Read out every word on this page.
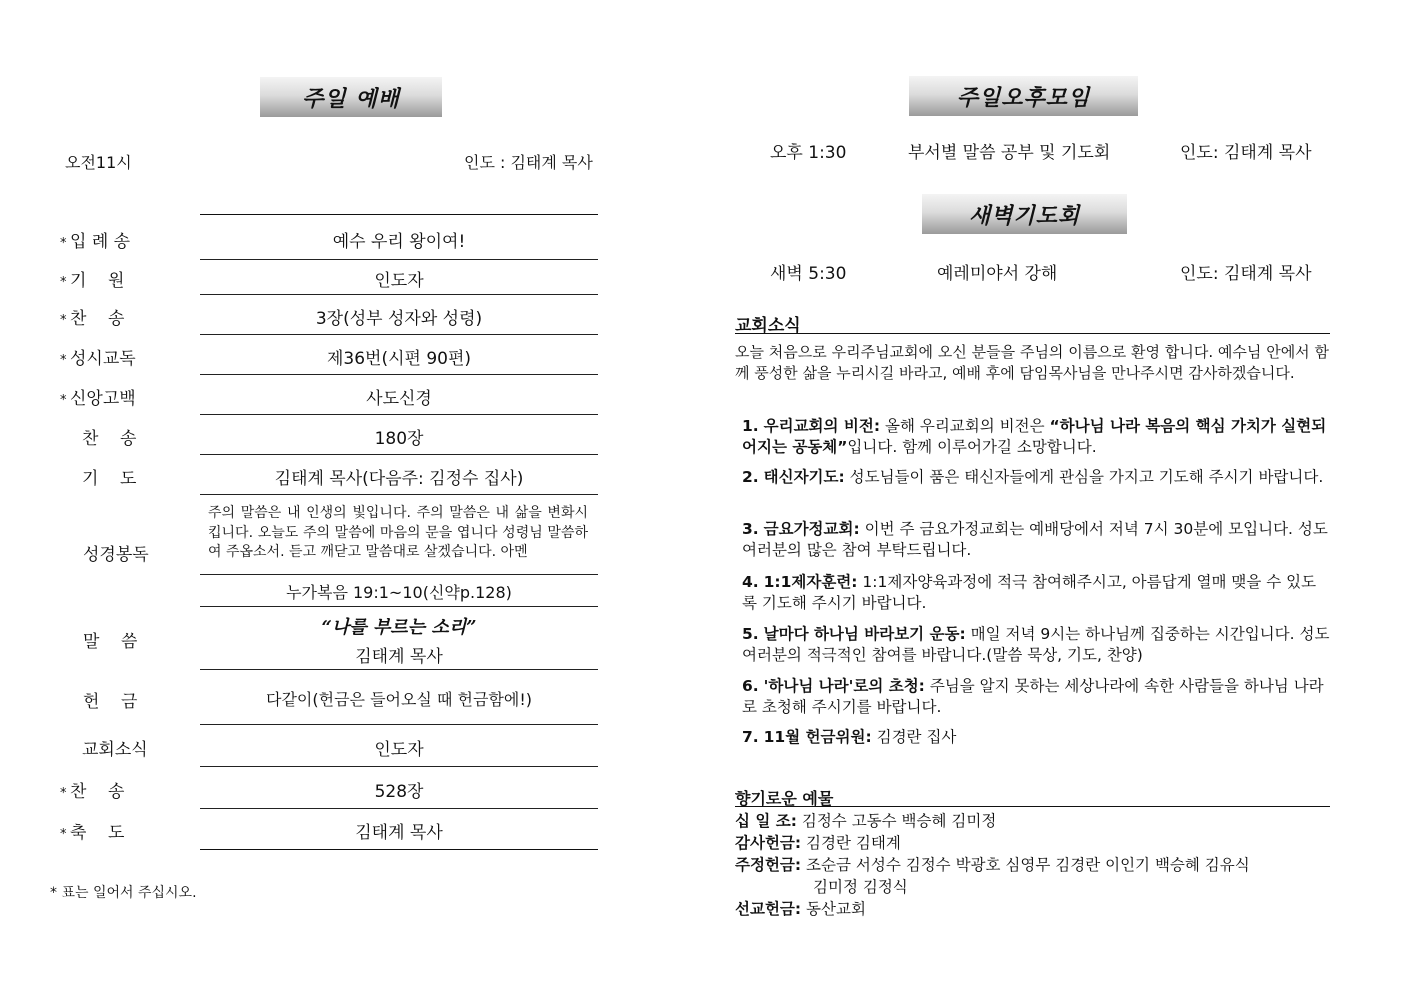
주일 예배
오전11시	인도 : 김태계 목사
* 입 례 송	예수 우리 왕이여!
* 기    원	인도자
* 찬    송	3장(성부 성자와 성령)
* 성시교독	제36번(시편 90편)
* 신앙고백	사도신경
찬    송	180장
기    도	김태계 목사(다음주: 김정수 집사)
성경봉독
주의 말씀은 내 인생의 빛입니다. 주의 말씀은 내 삶을 변화시킵니다. 오늘도 주의 말씀에 마음의 문을 엽니다 성령님 말씀하여 주옵소서. 듣고 깨닫고 말씀대로 살겠습니다. 아멘
누가복음 19:1~10(신약p.128)
말    씀
“나를 부르는 소리”
김태계 목사
헌    금	다같이(헌금은 들어오실 때 헌금함에!)
교회소식	인도자
* 찬    송	528장
* 축    도	김태계 목사
* 표는 일어서 주십시오.
주일오후모임
오후 1:30	부서별 말씀 공부 및 기도회	인도: 김태계 목사
새벽기도회
새벽 5:30	예레미야서 강해	인도: 김태계 목사
교회소식
오늘 처음으로 우리주님교회에 오신 분들을 주님의 이름으로 환영 합니다. 예수님 안에서 함께 풍성한 삶을 누리시길 바라고, 예배 후에 담임목사님을 만나주시면 감사하겠습니다.
1. 우리교회의 비전: 올해 우리교회의 비전은 “하나님 나라 복음의 핵심 가치가 실현되어지는 공동체”입니다. 함께 이루어가길 소망합니다.
2. 태신자기도: 성도님들이 품은 태신자들에게 관심을 가지고 기도해 주시기 바랍니다.
3. 금요가정교회: 이번 주 금요가정교회는 예배당에서 저녁 7시 30분에 모입니다. 성도 여러분의 많은 참여 부탁드립니다.
4. 1:1제자훈련: 1:1제자양육과정에 적극 참여해주시고, 아름답게 열매 맺을 수 있도록 기도해 주시기 바랍니다.
5. 날마다 하나님 바라보기 운동: 매일 저녁 9시는 하나님께 집중하는 시간입니다. 성도 여러분의 적극적인 참여를 바랍니다.(말씀 묵상, 기도, 찬양)
6. '하나님 나라'로의 초청: 주님을 알지 못하는 세상나라에 속한 사람들을 하나님 나라로 초청해 주시기를 바랍니다.
7. 11월 헌금위원: 김경란 집사
향기로운 예물
십 일 조: 김정수 고동수 백승혜 김미정
감사헌금: 김경란 김태계
주정헌금: 조순금 서성수 김정수 박광호 심영무 김경란 이인기 백승혜 김유식
김미정 김정식
선교헌금: 동산교회
